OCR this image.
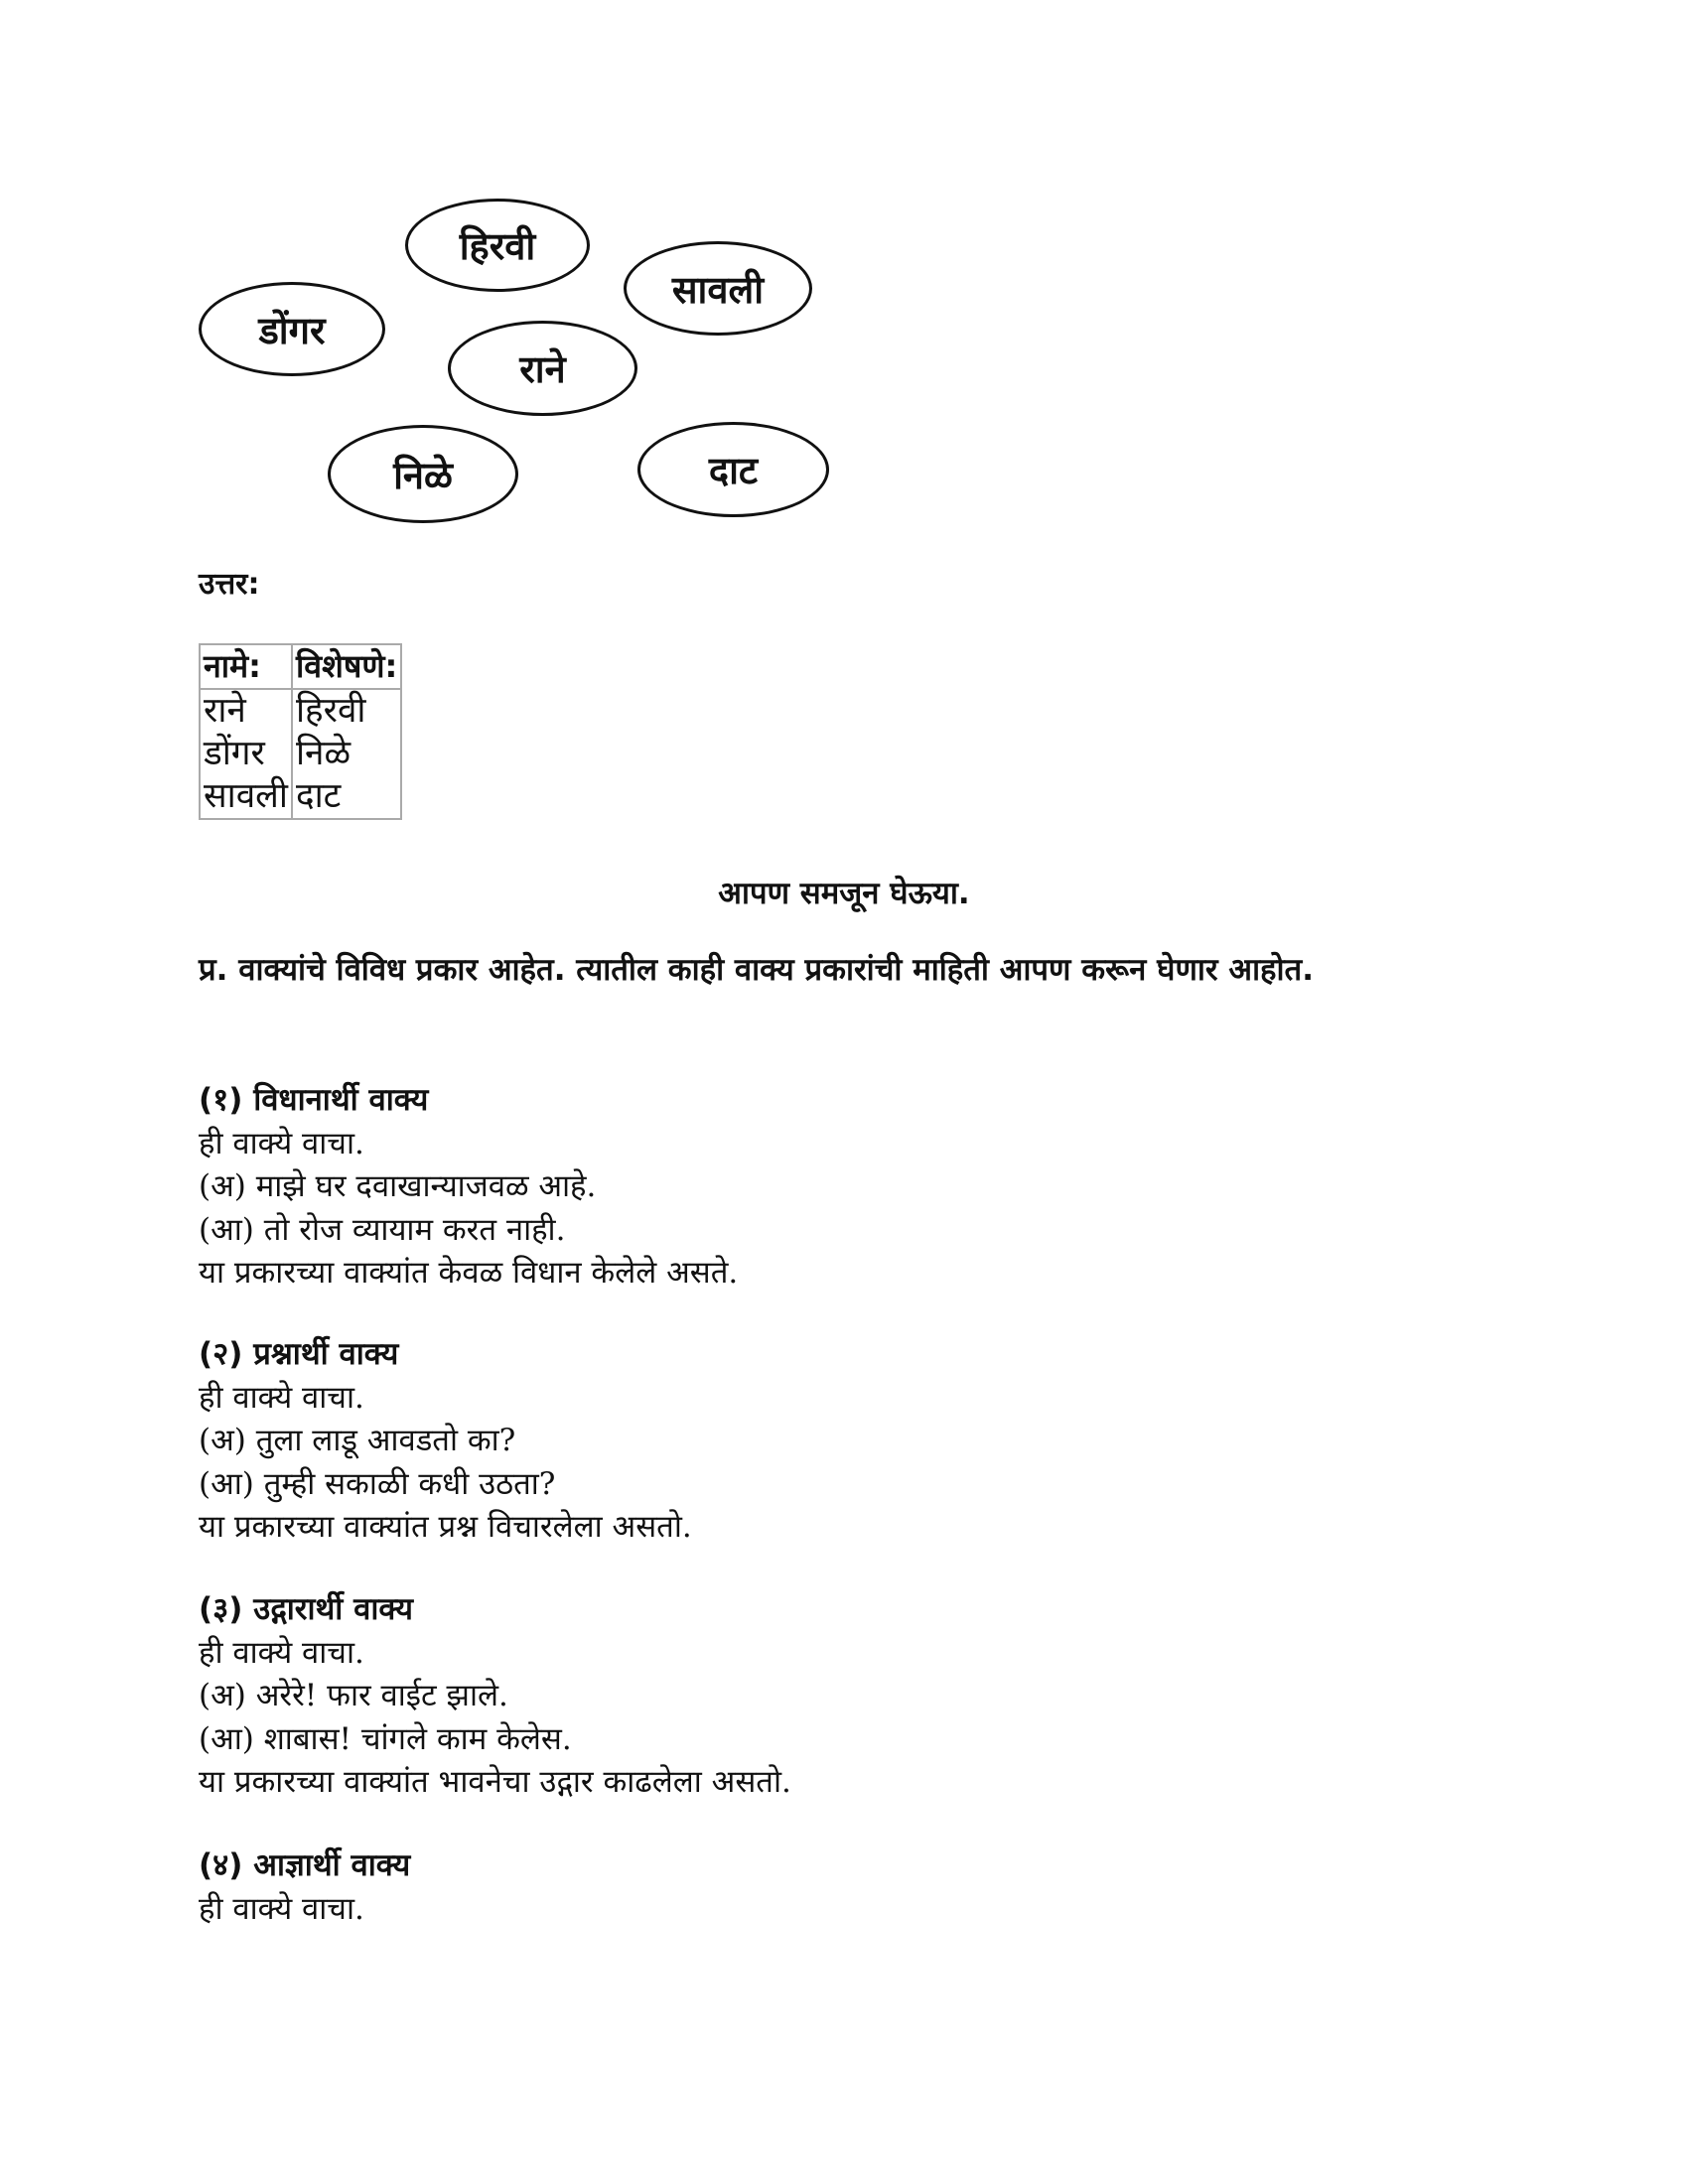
हिरवी
सावली
डोंगर
राने
निळे	दाट
उत्तर:
नामे:	विशेषणे:
राने	हिरवी
डोंगर	निळे
सावली	दाट
आपण समजून घेऊया.
प्र. वाक्यांचे विविध प्रकार आहेत. त्यातील काही वाक्य प्रकारांची माहिती आपण करून घेणार आहोत.
(१) विधानार्थी वाक्य
ही वाक्ये वाचा.
(अ) माझे घर दवाखान्याजवळ आहे.
(आ) तो रोज व्यायाम करत नाही.
या प्रकारच्या वाक्यांत केवळ विधान केलेले असते.
(२) प्रश्नार्थी वाक्य
ही वाक्ये वाचा.
(अ) तुला लाडू आवडतो का?
(आ) तुम्ही सकाळी कधी उठता?
या प्रकारच्या वाक्यांत प्रश्न विचारलेला असतो.
(३) उद्गारार्थी वाक्य
ही वाक्ये वाचा.
(अ) अरेरे! फार वाईट झाले.
(आ) शाबास! चांगले काम केलेस.
या प्रकारच्या वाक्यांत भावनेचा उद्गार काढलेला असतो.
(४) आज्ञार्थी वाक्य
ही वाक्ये वाचा.
